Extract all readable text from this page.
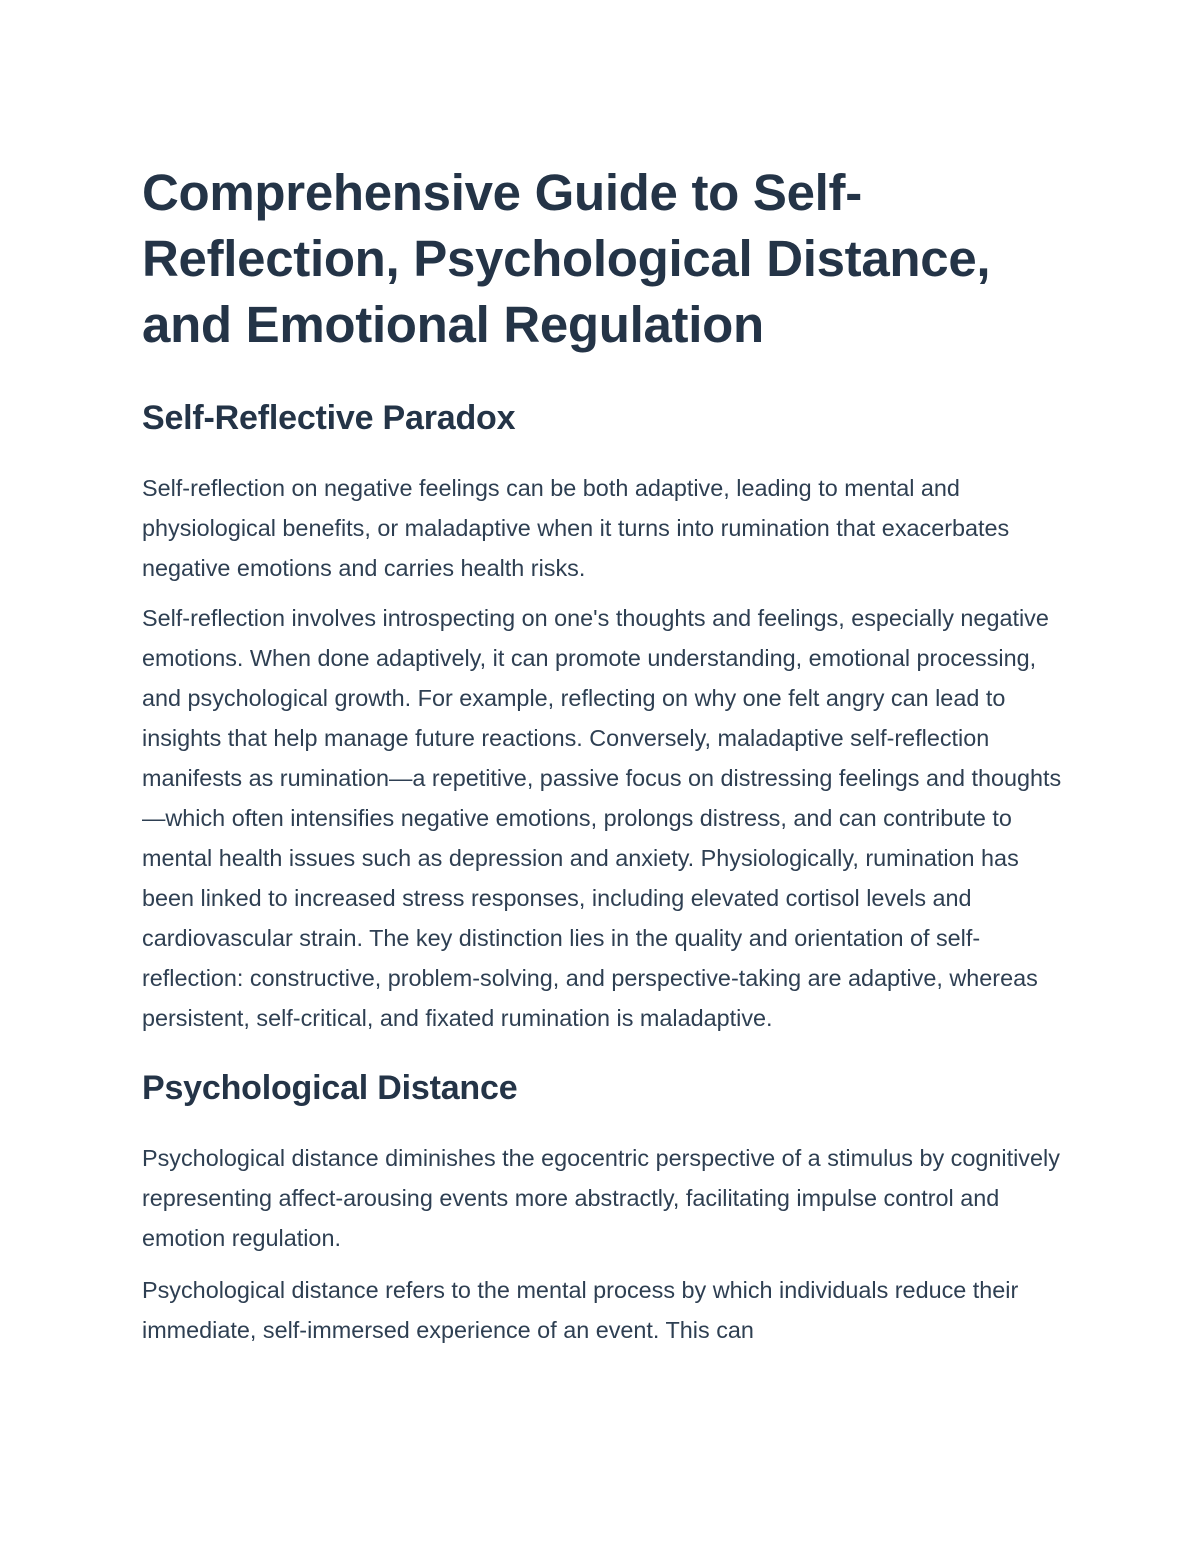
Comprehensive Guide to Self-Reflection, Psychological Distance, and Emotional Regulation
Self-Reflective Paradox

Self-reflection on negative feelings can be both adaptive, leading to mental and physiological benefits, or maladaptive when it turns into rumination that exacerbates negative emotions and carries health risks.

Self-reflection involves introspecting on one's thoughts and feelings, especially negative emotions. When done adaptively, it can promote understanding, emotional processing, and psychological growth. For example, reflecting on why one felt angry can lead to insights that help manage future reactions. Conversely, maladaptive self-reflection manifests as rumination—a repetitive, passive focus on distressing feelings and thoughts—which often intensifies negative emotions, prolongs distress, and can contribute to mental health issues such as depression and anxiety. Physiologically, rumination has been linked to increased stress responses, including elevated cortisol levels and cardiovascular strain. The key distinction lies in the quality and orientation of self-reflection: constructive, problem-solving, and perspective-taking are adaptive, whereas persistent, self-critical, and fixated rumination is maladaptive.

Psychological Distance

Psychological distance diminishes the egocentric perspective of a stimulus by cognitively representing affect-arousing events more abstractly, facilitating impulse control and emotion regulation.

Psychological distance refers to the mental process by which individuals reduce their immediate, self-immersed experience of an event. This can
